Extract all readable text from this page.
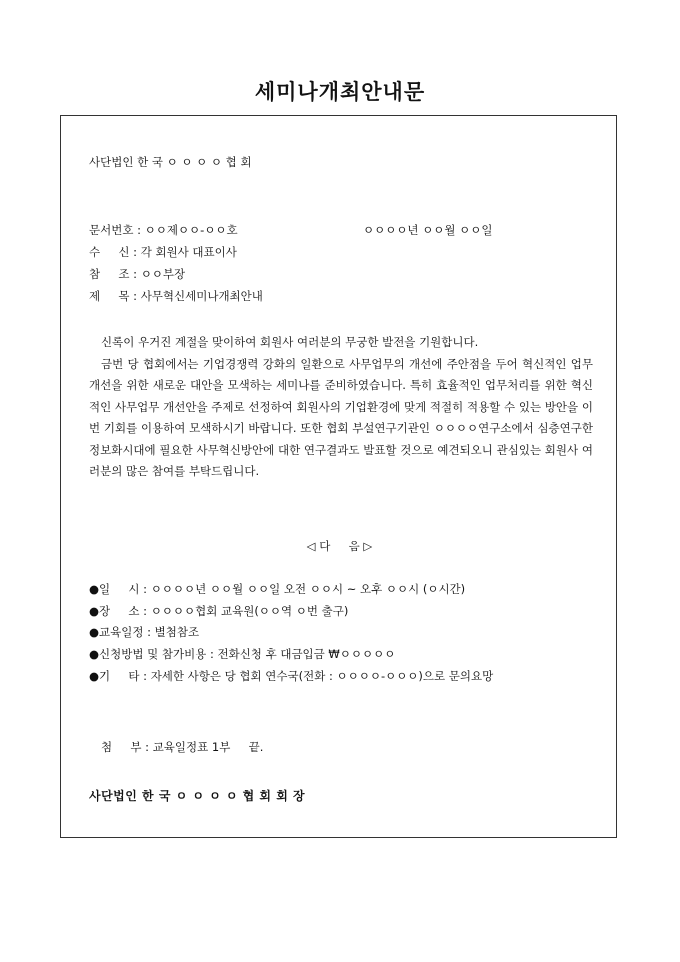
세미나개최안내문
사단법인 한 국 ㅇ ㅇ ㅇ ㅇ 협 회
문서번호 : ㅇㅇ제ㅇㅇ-ㅇㅇ호	ㅇㅇㅇㅇ년 ㅇㅇ월 ㅇㅇ일
수     신 : 각 회원사 대표이사
참     조 : ㅇㅇ부장
제     목 : 사무혁신세미나개최안내

신록이 우거진 계절을 맞이하여 회원사 여러분의 무궁한 발전을 기원합니다.

금번 당 협회에서는 기업경쟁력 강화의 일환으로 사무업무의 개선에 주안점을 두어 혁신적인 업무개선을 위한 새로운 대안을 모색하는 세미나를 준비하였습니다. 특히 효율적인 업무처리를 위한 혁신적인 사무업무 개선안을 주제로 선정하여 회원사의 기업환경에 맞게 적절히 적용할 수 있는 방안을 이번 기회를 이용하여 모색하시기 바랍니다. 또한 협회 부설연구기관인 ㅇㅇㅇㅇ연구소에서 심층연구한 정보화시대에 필요한 사무혁신방안에 대한 연구결과도 발표할 것으로 예견되오니 관심있는 회원사 여러분의 많은 참여를 부탁드립니다.

◁ 다     음 ▷
●일     시 : ㅇㅇㅇㅇ년 ㅇㅇ월 ㅇㅇ일 오전 ㅇㅇ시 ~ 오후 ㅇㅇ시 (ㅇ시간)
●장     소 : ㅇㅇㅇㅇ협회 교육원(ㅇㅇ역 ㅇ번 출구)
●교육일정 : 별첨참조
●신청방법 및 참가비용 : 전화신청 후 대금입금 ₩ㅇㅇㅇㅇㅇ
●기     타 : 자세한 사항은 당 협회 연수국(전화 : ㅇㅇㅇㅇ-ㅇㅇㅇ)으로 문의요망
첨     부 : 교육일정표 1부     끝.
사단법인 한 국 ㅇ ㅇ ㅇ ㅇ 협 회 회 장
